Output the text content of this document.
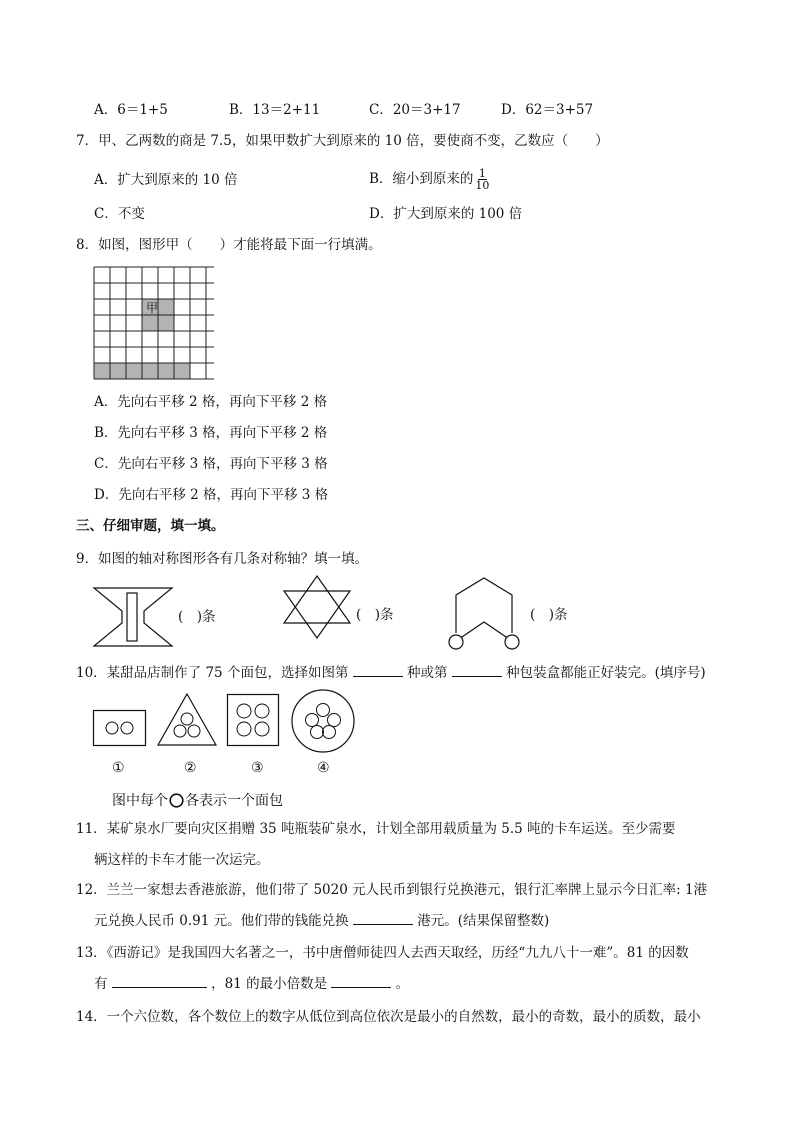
A．6＝1+5	B．13＝2+11	C．20＝3+17	D．62＝3+57
7．甲、乙两数的商是 7.5，如果甲数扩大到原来的 10 倍，要使商不变，乙数应（　　）
A．扩大到原来的 10 倍	B．缩小到原来的 $\frac{1}{10}$
C．不变	D．扩大到原来的 100 倍
8．如图，图形甲（　　）才能将最下面一行填满。
甲
A．先向右平移 2 格，再向下平移 2 格
B．先向右平移 3 格，再向下平移 2 格
C．先向右平移 3 格，再向下平移 3 格
D．先向右平移 2 格，再向下平移 3 格
三、仔细审题，填一填。
9．如图的轴对称图形各有几条对称轴？填一填。
(　)条	(　)条	(　)条
10．某甜品店制作了 75 个面包，选择如图第	种或第	种包装盒都能正好装完。(填序号)
①	②	③	④
图中每个 各表示一个面包
11．某矿泉水厂要向灾区捐赠 35 吨瓶装矿泉水，计划全部用载质量为 5.5 吨的卡车运送。至少需要
辆这样的卡车才能一次运完。
12．兰兰一家想去香港旅游，他们带了 5020 元人民币到银行兑换港元，银行汇率牌上显示今日汇率: 1港
元兑换人民币 0.91 元。他们带的钱能兑换	港元。(结果保留整数)
13．《西游记》是我国四大名著之一，书中唐僧师徒四人去西天取经，历经“九九八十一难”。81 的因数
有	，81 的最小倍数是	。
14．一个六位数，各个数位上的数字从低位到高位依次是最小的自然数，最小的奇数，最小的质数，最小
